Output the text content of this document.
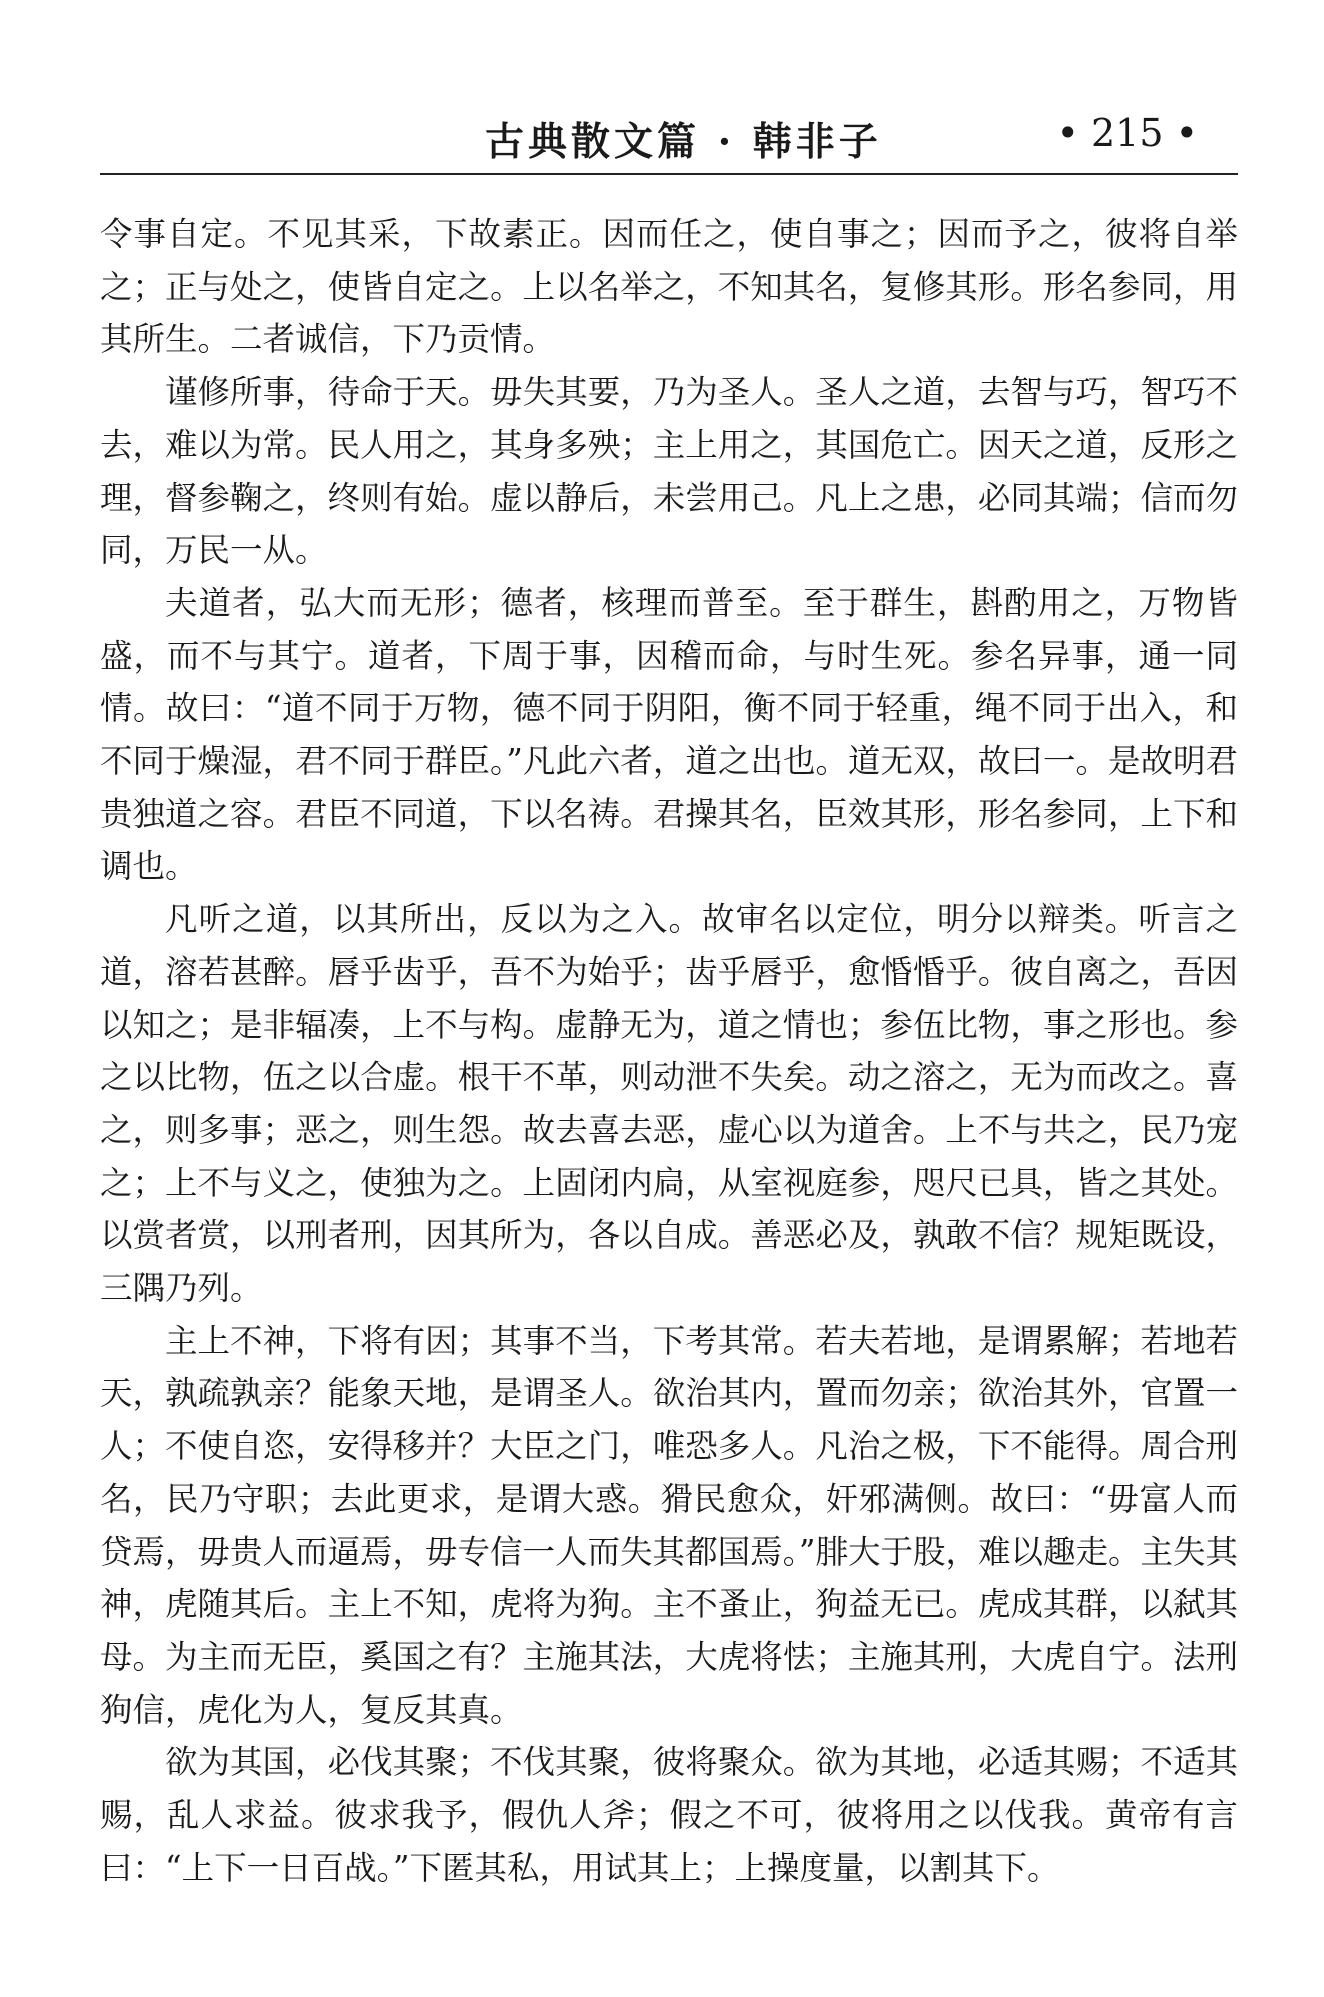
古典散文篇 · 韩非子	• 215 •

令事自定。不见其采，下故素正。因而任之，使自事之；因而予之，彼将自举之；正与处之，使皆自定之。上以名举之，不知其名，复修其形。形名参同，用其所生。二者诚信，下乃贡情。

谨修所事，待命于天。毋失其要，乃为圣人。圣人之道，去智与巧，智巧不去，难以为常。民人用之，其身多殃；主上用之，其国危亡。因天之道，反形之理，督参鞠之，终则有始。虚以静后，未尝用己。凡上之患，必同其端；信而勿同，万民一从。

夫道者，弘大而无形；德者，核理而普至。至于群生，斟酌用之，万物皆盛，而不与其宁。道者，下周于事，因稽而命，与时生死。参名异事，通一同情。故曰：“道不同于万物，德不同于阴阳，衡不同于轻重，绳不同于出入，和不同于燥湿，君不同于群臣。”凡此六者，道之出也。道无双，故曰一。是故明君贵独道之容。君臣不同道，下以名祷。君操其名，臣效其形，形名参同，上下和调也。

凡听之道，以其所出，反以为之入。故审名以定位，明分以辩类。听言之道，溶若甚醉。唇乎齿乎，吾不为始乎；齿乎唇乎，愈惛惛乎。彼自离之，吾因以知之；是非辐凑，上不与构。虚静无为，道之情也；参伍比物，事之形也。参之以比物，伍之以合虚。根干不革，则动泄不失矣。动之溶之，无为而改之。喜之，则多事；恶之，则生怨。故去喜去恶，虚心以为道舍。上不与共之，民乃宠之；上不与义之，使独为之。上固闭内扃，从室视庭参，咫尺已具，皆之其处。以赏者赏，以刑者刑，因其所为，各以自成。善恶必及，孰敢不信？规矩既设，三隅乃列。

主上不神，下将有因；其事不当，下考其常。若夫若地，是谓累解；若地若天，孰疏孰亲？能象天地，是谓圣人。欲治其内，置而勿亲；欲治其外，官置一人；不使自恣，安得移并？大臣之门，唯恐多人。凡治之极，下不能得。周合刑名，民乃守职；去此更求，是谓大惑。猾民愈众，奸邪满侧。故曰：“毋富人而贷焉，毋贵人而逼焉，毋专信一人而失其都国焉。”腓大于股，难以趣走。主失其神，虎随其后。主上不知，虎将为狗。主不蚤止，狗益无已。虎成其群，以弑其母。为主而无臣，奚国之有？主施其法，大虎将怯；主施其刑，大虎自宁。法刑狗信，虎化为人，复反其真。

欲为其国，必伐其聚；不伐其聚，彼将聚众。欲为其地，必适其赐；不适其赐，乱人求益。彼求我予，假仇人斧；假之不可，彼将用之以伐我。黄帝有言曰：“上下一日百战。”下匿其私，用试其上；上操度量，以割其下。
